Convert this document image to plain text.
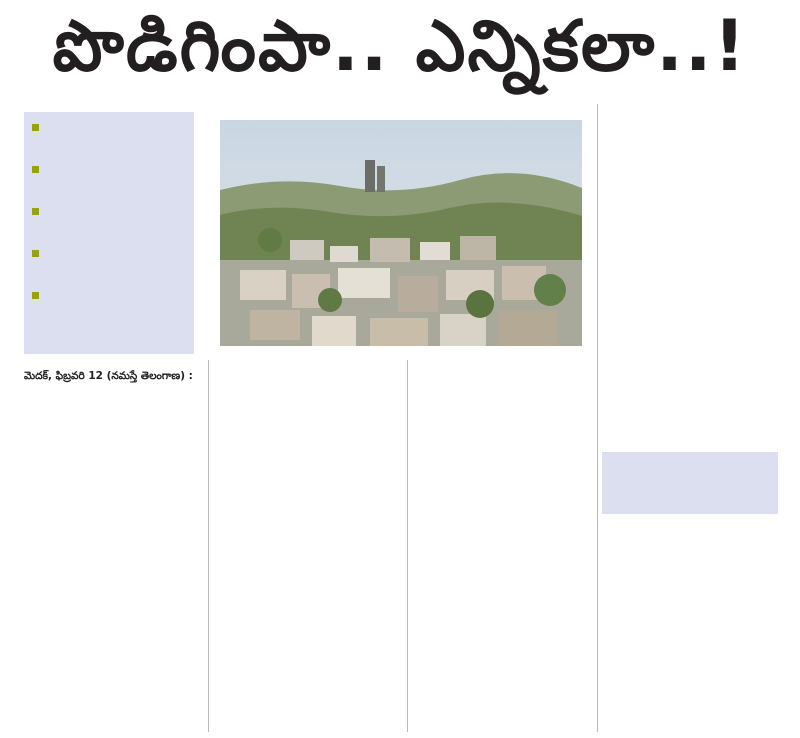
పొడిగింపా.. ఎన్నికలా..!
మెదక్, ఫిబ్రవరి 12 (నమస్తే తెలంగాణ) :
